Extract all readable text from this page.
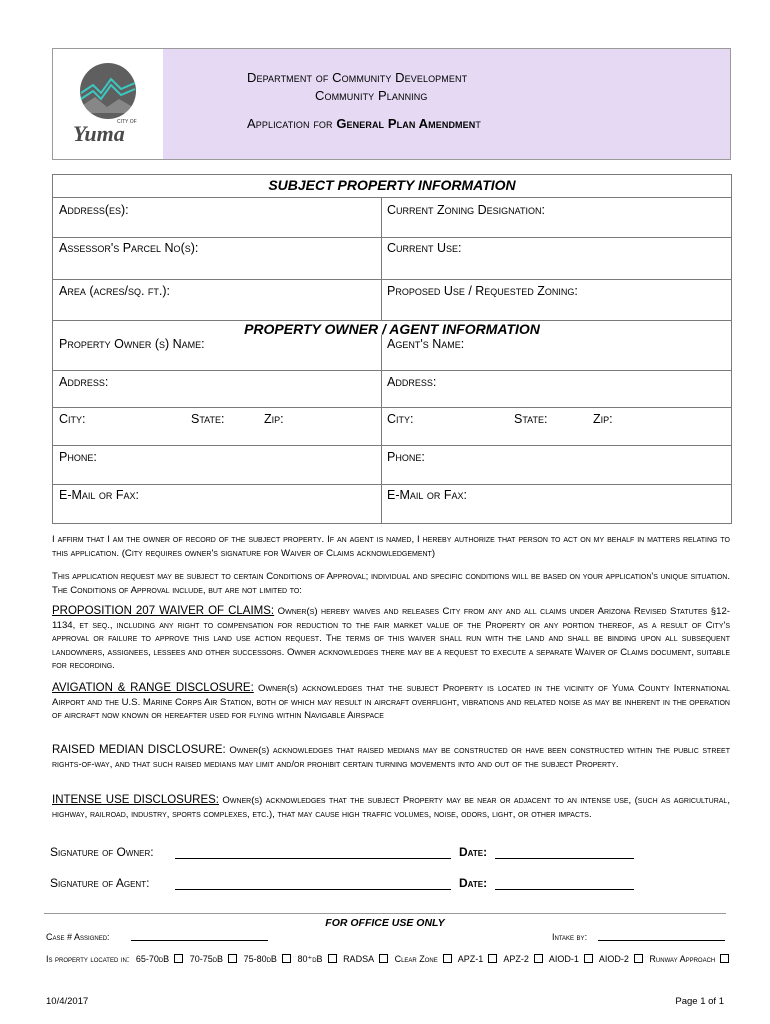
CITY OF
Yuma
Department of Community Development
Community Planning
Application for General Plan Amendment
SUBJECT PROPERTY INFORMATION
Address(es):	Current Zoning Designation:
Assessor's Parcel No(s):	Current Use:
Area (acres/sq. ft.):	Proposed Use / Requested Zoning:
PROPERTY OWNER / AGENT INFORMATION
Property Owner (s) Name:	Agent's Name:
Address:	Address:
City:	State:	Zip:	City:	State:	Zip:
Phone:	Phone:
E-Mail or Fax:	E-Mail or Fax:
I affirm that I am the owner of record of the subject property. If an agent is named, I hereby authorize that person to act on my behalf in matters relating to this application. (City requires owner's signature for Waiver of Claims acknowledgement)
This application request may be subject to certain Conditions of Approval; individual and specific conditions will be based on your application's unique situation. The Conditions of Approval include, but are not limited to:
PROPOSITION 207 WAIVER OF CLAIMS: Owner(s) hereby waives and releases City from any and all claims under Arizona Revised Statutes §12-1134, et seq., including any right to compensation for reduction to the fair market value of the Property or any portion thereof, as a result of City's approval or failure to approve this land use action request. The terms of this waiver shall run with the land and shall be binding upon all subsequent landowners, assignees, lessees and other successors. Owner acknowledges there may be a request to execute a separate Waiver of Claims document, suitable for recording.
AVIGATION & RANGE DISCLOSURE: Owner(s) acknowledges that the subject Property is located in the vicinity of Yuma County International Airport and the U.S. Marine Corps Air Station, both of which may result in aircraft overflight, vibrations and related noise as may be inherent in the operation of aircraft now known or hereafter used for flying within Navigable Airspace
RAISED MEDIAN DISCLOSURE: Owner(s) acknowledges that raised medians may be constructed or have been constructed within the public street rights-of-way, and that such raised medians may limit and/or prohibit certain turning movements into and out of the subject Property.
INTENSE USE DISCLOSURES: Owner(s) acknowledges that the subject Property may be near or adjacent to an intense use, (such as agricultural, highway, railroad, industry, sports complexes, etc.), that may cause high traffic volumes, noise, odors, light, or other impacts.
Signature of Owner:	Date:
Signature of Agent:	Date:
FOR OFFICE USE ONLY
Case # Assigned:	Intake by:
Is property located in: 65-70dB 70-75dB 75-80dB 80⁺dB RADSA Clear Zone APZ-1 APZ-2 AIOD-1 AIOD-2 Runway Approach
10/4/2017	Page 1 of 1
